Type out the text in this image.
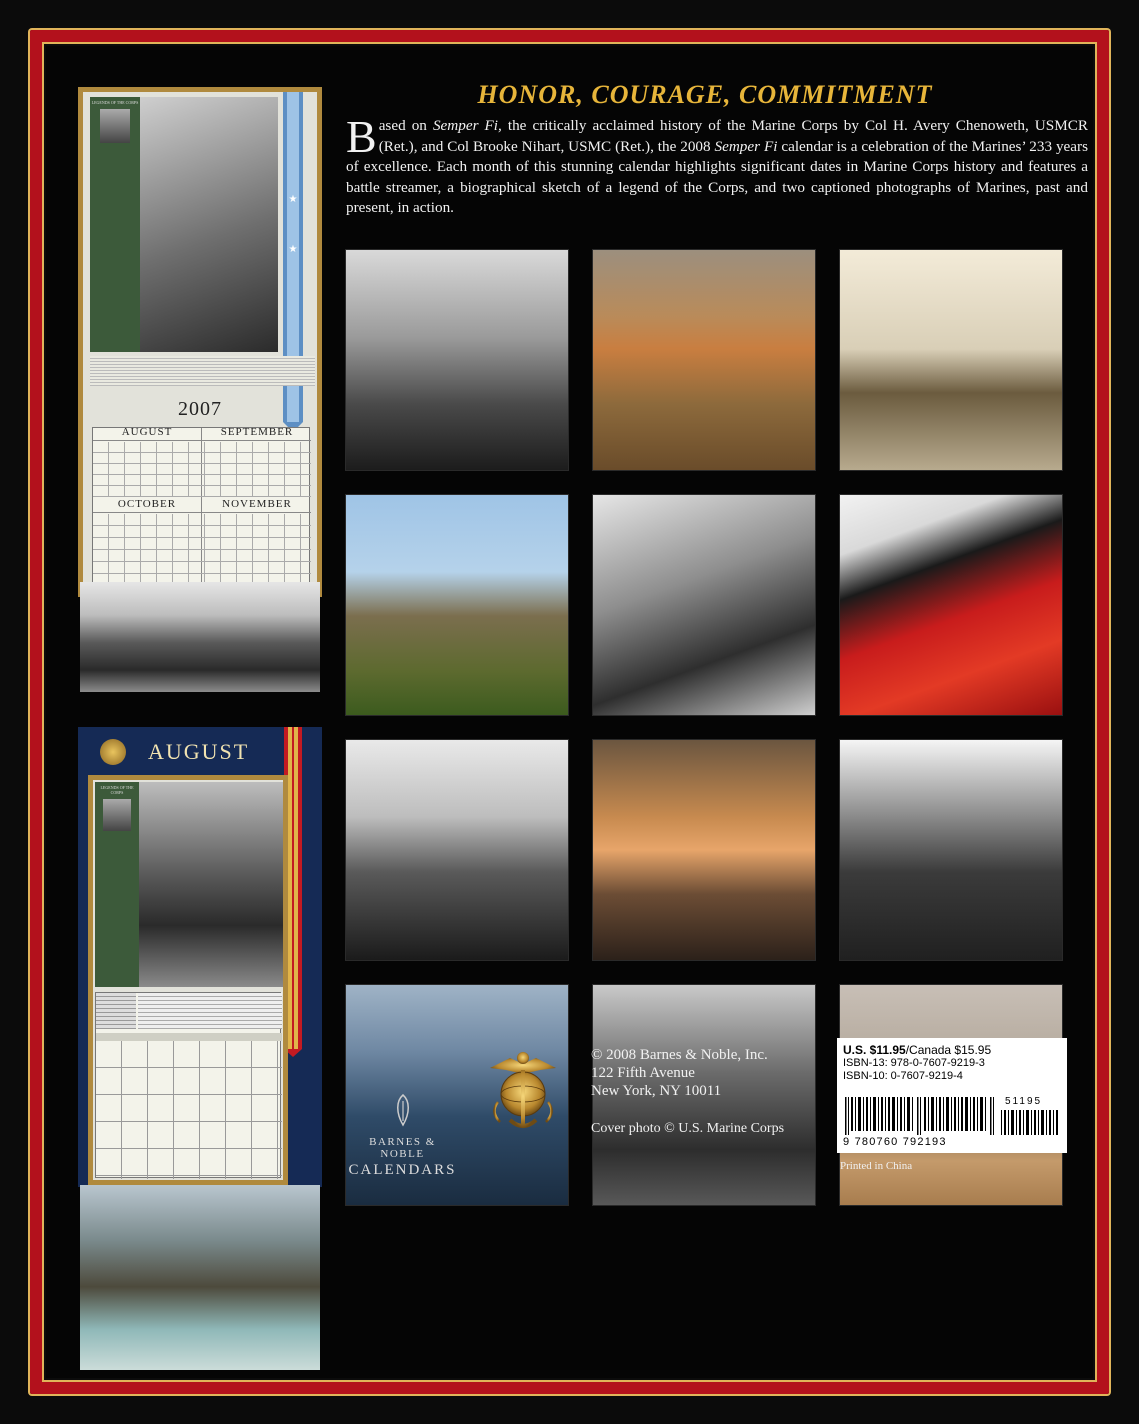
LEGENDS OF THE CORPS
★
★
2007
AUGUST	SEPTEMBER
OCTOBER	NOVEMBER
AUGUST
LEGENDS OF THE CORPS
HONOR, COURAGE, COMMITMENT
Based on Semper Fi, the critically acclaimed history of the Marine Corps by Col H. Avery Chenoweth, USMCR (Ret.), and Col Brooke Nihart, USMC (Ret.), the 2008 Semper Fi calendar is a celebration of the Marines’ 233 years of excellence. Each month of this stunning calendar highlights significant dates in Marine Corps history and features a battle streamer, a biographical sketch of a legend of the Corps, and two captioned photographs of Marines, past and present, in action.
BARNES & NOBLE
CALENDARS
© 2008 Barnes & Noble, Inc.
122 Fifth Avenue
New York, NY 10011
Cover photo © U.S. Marine Corps
U.S. $11.95/Canada $15.95
ISBN-13: 978-0-7607-9219-3
ISBN-10: 0-7607-9219-4
51195
9 780760 792193
Printed in China
